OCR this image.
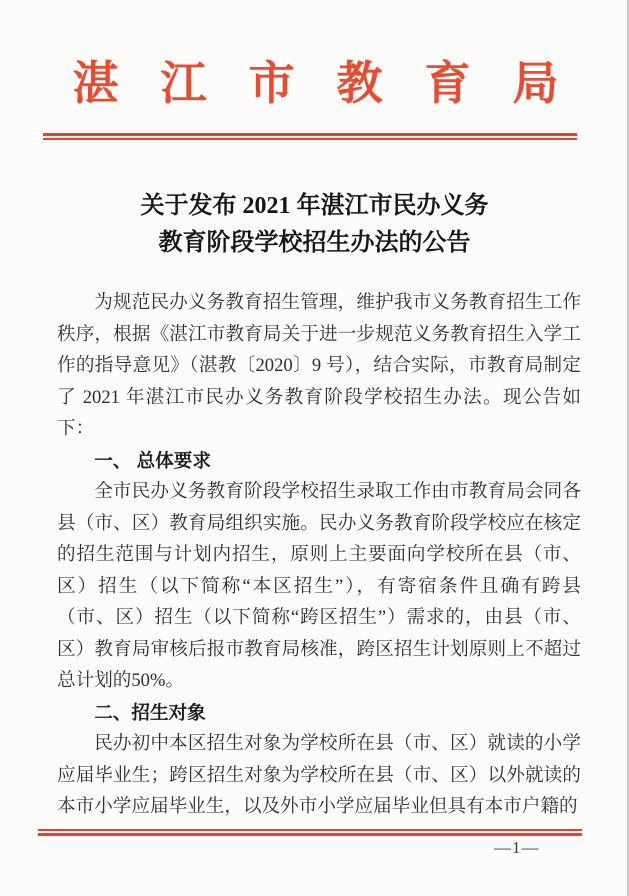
湛江市教育局
关于发布 2021 年湛江市民办义务
教育阶段学校招生办法的公告

为规范民办义务教育招生管理，维护我市义务教育招生工作秩序，根据《湛江市教育局关于进一步规范义务教育招生入学工作的指导意见》（湛教〔2020〕9 号），结合实际，市教育局制定了 2021 年湛江市民办义务教育阶段学校招生办法。现公告如下：

一、 总体要求

全市民办义务教育阶段学校招生录取工作由市教育局会同各县（市、区）教育局组织实施。民办义务教育阶段学校应在核定的招生范围与计划内招生，原则上主要面向学校所在县（市、区）招生（以下简称“本区招生”），有寄宿条件且确有跨县（市、区）招生（以下简称“跨区招生”）需求的，由县（市、区）教育局审核后报市教育局核准，跨区招生计划原则上不超过总计划的50%。

二、招生对象

民办初中本区招生对象为学校所在县（市、区）就读的小学应届毕业生；跨区招生对象为学校所在县（市、区）以外就读的本市小学应届毕业生，以及外市小学应届毕业但具有本市户籍的

—1—
